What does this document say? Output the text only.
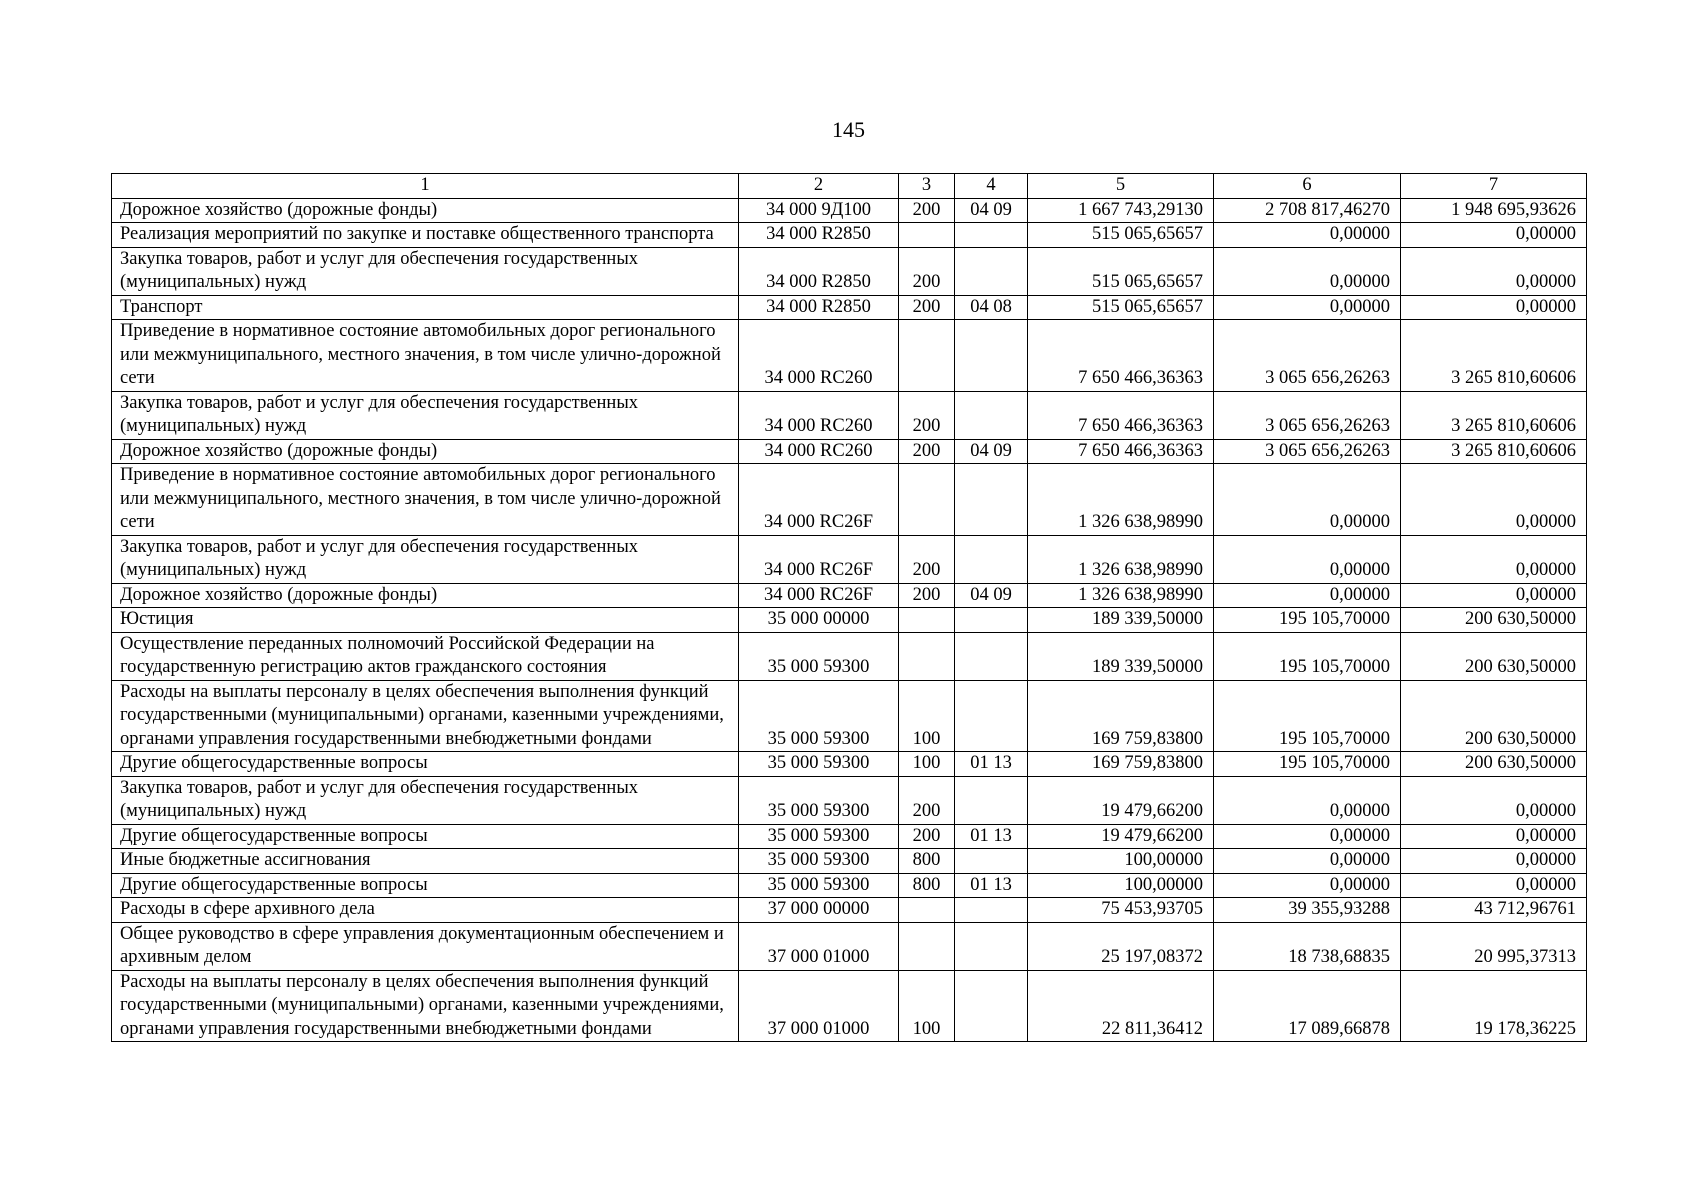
145
1	2	3	4	5	6	7
Дорожное хозяйство (дорожные фонды)	34 000 9Д100	200	04 09	1 667 743,29130	2 708 817,46270	1 948 695,93626
Реализация мероприятий по закупке и поставке общественного транспорта	34 000 R2850			515 065,65657	0,00000	0,00000
Закупка товаров, работ и услуг для обеспечения государственных (муниципальных) нужд	34 000 R2850	200		515 065,65657	0,00000	0,00000
Транспорт	34 000 R2850	200	04 08	515 065,65657	0,00000	0,00000
Приведение в нормативное состояние автомобильных дорог регионального или межмуниципального, местного значения, в том числе улично-дорожной сети	34 000 RC260			7 650 466,36363	3 065 656,26263	3 265 810,60606
Закупка товаров, работ и услуг для обеспечения государственных (муниципальных) нужд	34 000 RC260	200		7 650 466,36363	3 065 656,26263	3 265 810,60606
Дорожное хозяйство (дорожные фонды)	34 000 RC260	200	04 09	7 650 466,36363	3 065 656,26263	3 265 810,60606
Приведение в нормативное состояние автомобильных дорог регионального или межмуниципального, местного значения, в том числе улично-дорожной сети	34 000 RC26F			1 326 638,98990	0,00000	0,00000
Закупка товаров, работ и услуг для обеспечения государственных (муниципальных) нужд	34 000 RC26F	200		1 326 638,98990	0,00000	0,00000
Дорожное хозяйство (дорожные фонды)	34 000 RC26F	200	04 09	1 326 638,98990	0,00000	0,00000
Юстиция	35 000 00000			189 339,50000	195 105,70000	200 630,50000
Осуществление переданных полномочий Российской Федерации на государственную регистрацию актов гражданского состояния	35 000 59300			189 339,50000	195 105,70000	200 630,50000
Расходы на выплаты персоналу в целях обеспечения выполнения функций государственными (муниципальными) органами, казенными учреждениями, органами управления государственными внебюджетными фондами	35 000 59300	100		169 759,83800	195 105,70000	200 630,50000
Другие общегосударственные вопросы	35 000 59300	100	01 13	169 759,83800	195 105,70000	200 630,50000
Закупка товаров, работ и услуг для обеспечения государственных (муниципальных) нужд	35 000 59300	200		19 479,66200	0,00000	0,00000
Другие общегосударственные вопросы	35 000 59300	200	01 13	19 479,66200	0,00000	0,00000
Иные бюджетные ассигнования	35 000 59300	800		100,00000	0,00000	0,00000
Другие общегосударственные вопросы	35 000 59300	800	01 13	100,00000	0,00000	0,00000
Расходы в сфере архивного дела	37 000 00000			75 453,93705	39 355,93288	43 712,96761
Общее руководство в сфере управления документационным обеспечением и архивным делом	37 000 01000			25 197,08372	18 738,68835	20 995,37313
Расходы на выплаты персоналу в целях обеспечения выполнения функций государственными (муниципальными) органами, казенными учреждениями, органами управления государственными внебюджетными фондами	37 000 01000	100		22 811,36412	17 089,66878	19 178,36225
